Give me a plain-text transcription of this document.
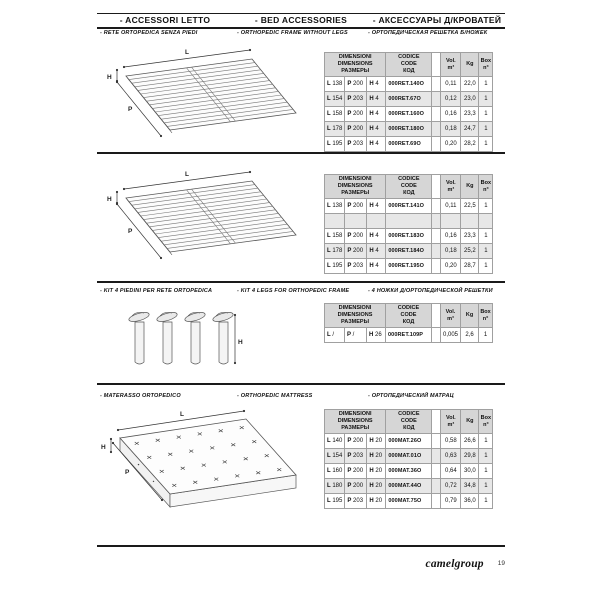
- ACCESSORI LETTO	- BED ACCESSORIES	- АКСЕССУАРЫ Д/КРОВАТЕЙ
- RETE ORTOPEDICA SENZA PIEDI	- ORTHOPEDIC FRAME WITHOUT LEGS	- ОРТОПЕДИЧЕСКАЯ РЕШЕТКА Б/НОЖЕК
- KIT 4 PIEDINI PER RETE ORTOPEDICA	- KIT 4 LEGS FOR ORTHOPEDIC FRAME	- 4 НОЖКИ Д/ОРТОПЕДИЧЕСКОЙ РЕШЕТКИ
- MATERASSO ORTOPEDICO	- ORTHOPEDIC MATTRESS	- ОРТОПЕДИЧЕСКИЙ МАТРАЦ
L
H
P
L
H
P
H
L
H
P
DIMENSIONI
DIMENSIONS
РАЗМЕРЫ			CODICE
CODE
КОД		Vol.
m³	Kg	Box
n°
L 138	P 200	H 4	000RET.140O		0,11	22,0	1
L 154	P 203	H 4	000RET.67O		0,12	23,0	1
L 158	P 200	H 4	000RET.160O		0,16	23,3	1
L 178	P 200	H 4	000RET.180O		0,18	24,7	1
L 195	P 203	H 4	000RET.69O		0,20	28,2	1
DIMENSIONI
DIMENSIONS
РАЗМЕРЫ			CODICE
CODE
КОД		Vol.
m³	Kg	Box
n°
L 138	P 200	H 4	000RET.141O		0,11	22,5	1

L 158	P 200	H 4	000RET.183O		0,16	23,3	1
L 178	P 200	H 4	000RET.184O		0,18	25,2	1
L 195	P 203	H 4	000RET.195O		0,20	28,7	1
DIMENSIONI
DIMENSIONS
РАЗМЕРЫ			CODICE
CODE
КОД		Vol.
m³	Kg	Box
n°
L /	P /	H 26	000RET.109P		0,005	2,6	1
DIMENSIONI
DIMENSIONS
РАЗМЕРЫ			CODICE
CODE
КОД		Vol.
m³	Kg	Box
n°
L 140	P 200	H 20	000MAT.26O		0,58	26,6	1
L 154	P 203	H 20	000MAT.01O		0,63	29,8	1
L 160	P 200	H 20	000MAT.36O		0,64	30,0	1
L 180	P 200	H 20	000MAT.44O		0,72	34,8	1
L 195	P 203	H 20	000MAT.75O		0,79	36,0	1
camelgroup 19
